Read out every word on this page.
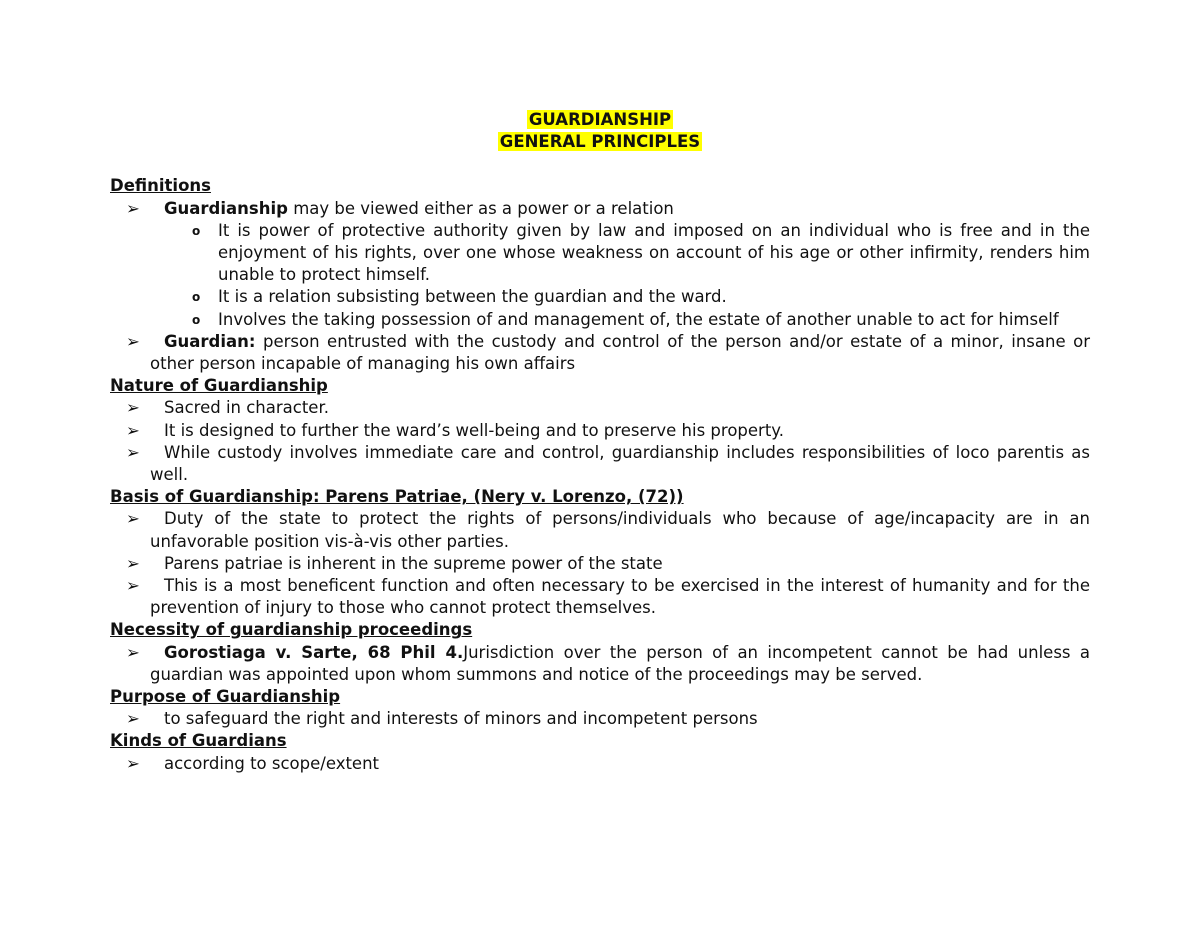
GUARDIANSHIP
GENERAL PRINCIPLES
Definitions
➢ Guardianship may be viewed either as a power or a relation
o It is power of protective authority given by law and imposed on an individual who is free and in the enjoyment of his rights, over one whose weakness on account of his age or other infirmity, renders him unable to protect himself.
o It is a relation subsisting between the guardian and the ward.
o Involves the taking possession of and management of, the estate of another unable to act for himself
➢ Guardian: person entrusted with the custody and control of the person and/or estate of a minor, insane or other person incapable of managing his own affairs
Nature of Guardianship
➢ Sacred in character.
➢ It is designed to further the ward’s well-being and to preserve his property.
➢ While custody involves immediate care and control, guardianship includes responsibilities of loco parentis as well.
Basis of Guardianship: Parens Patriae, (Nery v. Lorenzo, (72))
➢ Duty of the state to protect the rights of persons/individuals who because of age/incapacity are in an unfavorable position vis-à-vis other parties.
➢ Parens patriae is inherent in the supreme power of the state
➢ This is a most beneficent function and often necessary to be exercised in the interest of humanity and for the prevention of injury to those who cannot protect themselves.
Necessity of guardianship proceedings
➢ Gorostiaga v. Sarte, 68 Phil 4.Jurisdiction over the person of an incompetent cannot be had unless a guardian was appointed upon whom summons and notice of the proceedings may be served.
Purpose of Guardianship
➢ to safeguard the right and interests of minors and incompetent persons
Kinds of Guardians
➢ according to scope/extent
